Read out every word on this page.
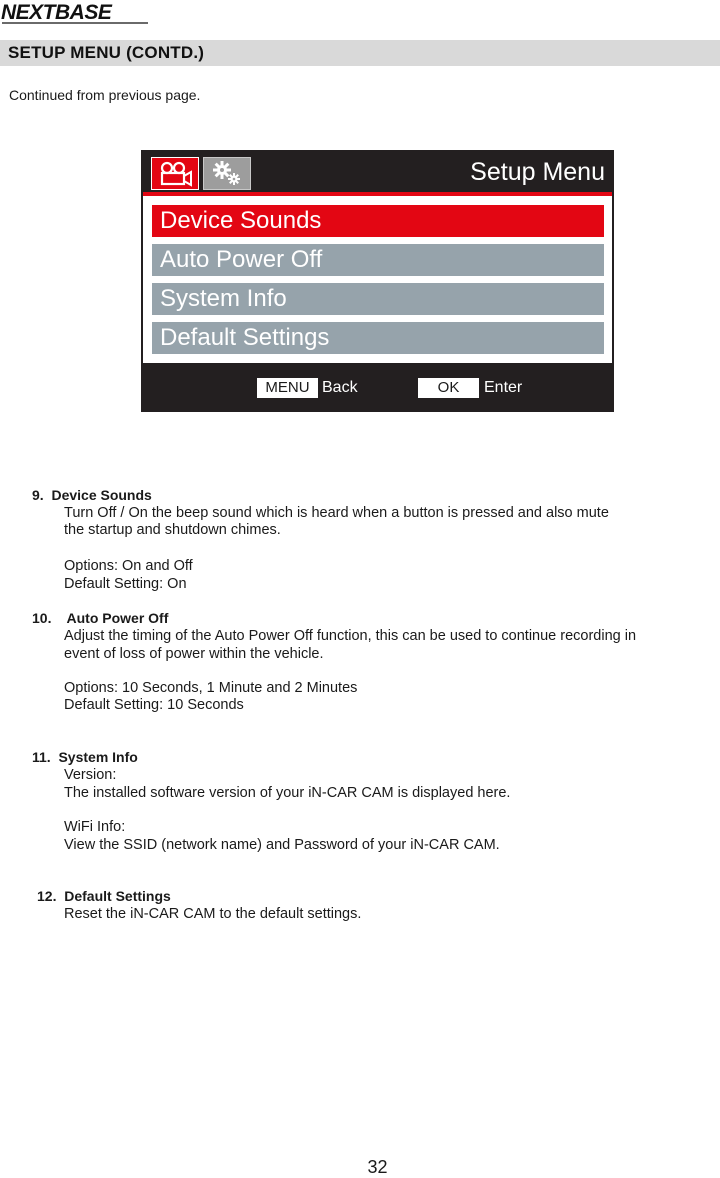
NEXTBASE
SETUP MENU (CONTD.)
Continued from previous page.
Setup Menu
Device Sounds
Auto Power Off
System Info
Default Settings
MENU Back	OK	Enter
9.  Device Sounds
Turn Off / On the beep sound which is heard when a button is pressed and also mute
the startup and shutdown chimes.
Options: On and Off
Default Setting: On
10.    Auto Power Off
Adjust the timing of the Auto Power Off function, this can be used to continue recording in
event of loss of power within the vehicle.
Options: 10 Seconds, 1 Minute and 2 Minutes
Default Setting: 10 Seconds
11.  System Info
Version:
The installed software version of your iN-CAR CAM is displayed here.
WiFi Info:
View the SSID (network name) and Password of your iN-CAR CAM.
12.  Default Settings
Reset the iN-CAR CAM to the default settings.
32
